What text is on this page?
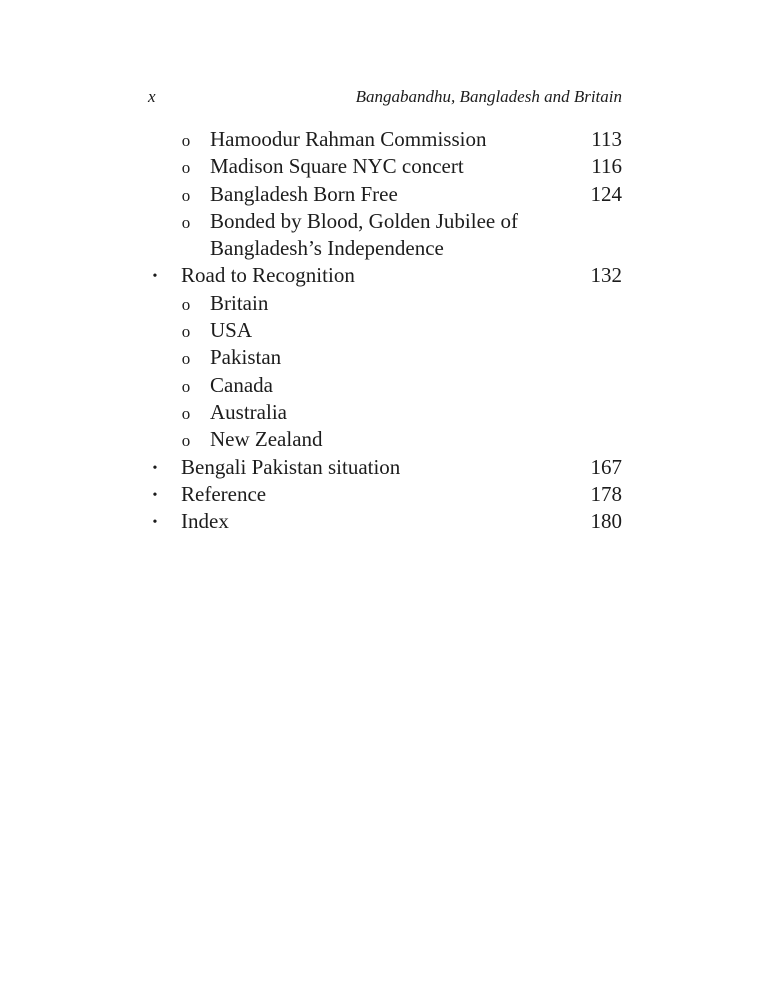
x	Bangabandhu, Bangladesh and Britain
o Hamoodur Rahman Commission	113
o Madison Square NYC concert	116
o Bangladesh Born Free	124
o Bonded by Blood, Golden Jubilee of Bangladesh’s Independence
• Road to Recognition	132
o Britain
o USA
o Pakistan
o Canada
o Australia
o New Zealand
• Bengali Pakistan situation	167
• Reference	178
• Index	180
